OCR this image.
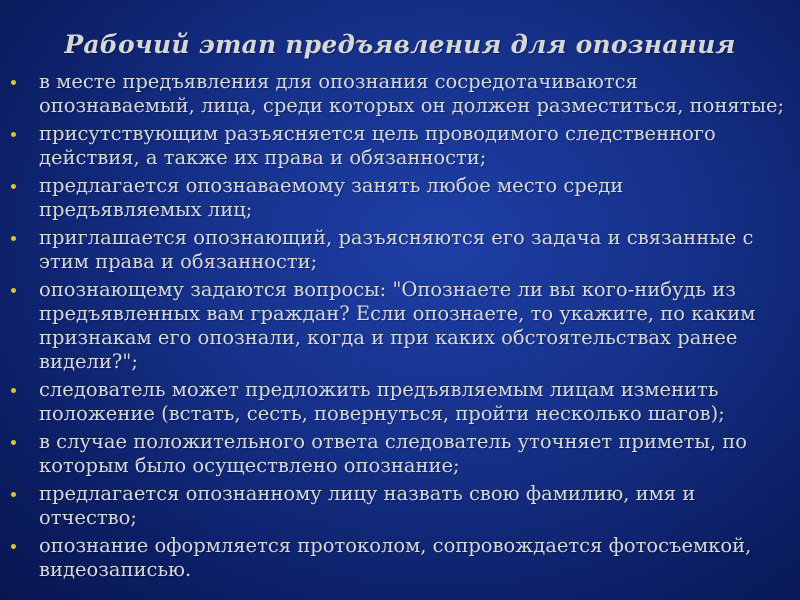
Рабочий этап предъявления для опознания
в месте предъявления для опознания сосредотачиваются опознаваемый, лица, среди которых он должен разместиться, понятые;
присутствующим разъясняется цель проводимого следственного действия, а также их права и обязанности;
предлагается опознаваемому занять любое место среди предъявляемых лиц;
приглашается опознающий, разъясняются его задача и связанные с этим права и обязанности;
опознающему задаются вопросы: "Опознаете ли вы кого-нибудь из предъявленных вам граждан? Если опознаете, то укажите, по каким признакам его опознали, когда и при каких обстоятельствах ранее видели?";
следователь может предложить предъявляемым лицам изменить положение (встать, сесть, повернуться, пройти несколько шагов);
в случае положительного ответа следователь уточняет приметы, по которым было осуществлено опознание;
предлагается опознанному лицу назвать свою фамилию, имя и отчество;
опознание оформляется протоколом, сопровождается фотосъемкой, видеозаписью.
